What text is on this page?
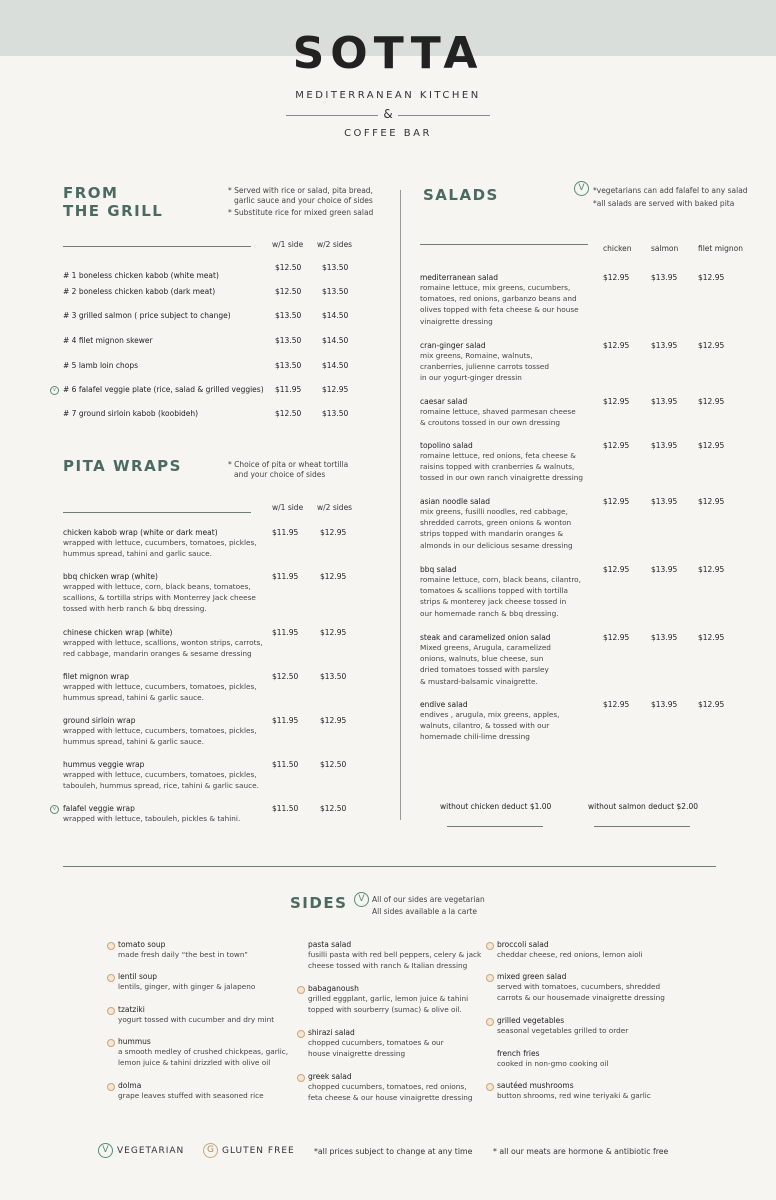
SOTTA
MEDITERRANEAN KITCHEN
&
COFFEE BAR
FROM
THE GRILL
* Served with rice or salad, pita bread,
garlic sauce and your choice of sides
* Substitute rice for mixed green salad
w/1 side w/2 sides
# 1 boneless chicken kabob (white meat)
$12.50	$13.50
# 2 boneless chicken kabob (dark meat)	$12.50	$13.50
# 3 grilled salmon ( price subject to change)	$13.50	$14.50
# 4 filet mignon skewer	$13.50	$14.50
# 5 lamb loin chops	$13.50	$14.50
v # 6 falafel veggie plate (rice, salad & grilled veggies) $11.95	$12.95
# 7 ground sirloin kabob (koobideh)	$12.50	$13.50
PITA WRAPS	* Choice of pita or wheat tortilla
and your choice of sides
w/1 side w/2 sides
chicken kabob wrap (white or dark meat)
wrapped with lettuce, cucumbers, tomatoes, pickles,
hummus spread, tahini and garlic sauce.
$11.95	$12.95
bbq chicken wrap (white)
wrapped with lettuce, corn, black beans, tomatoes,
scallions, & tortilla strips with Monterrey Jack cheese
tossed with herb ranch & bbq dressing.
$11.95	$12.95
chinese chicken wrap (white)
wrapped with lettuce, scallions, wonton strips, carrots,
red cabbage, mandarin oranges & sesame dressing
$11.95	$12.95
filet mignon wrap
wrapped with lettuce, cucumbers, tomatoes, pickles,
hummus spread, tahini & garlic sauce.
$12.50	$13.50
ground sirloin wrap
wrapped with lettuce, cucumbers, tomatoes, pickles,
hummus spread, tahini & garlic sauce.
$11.95	$12.95
hummus veggie wrap
wrapped with lettuce, cucumbers, tomatoes, pickles,
tabouleh, hummus spread, rice, tahini & garlic sauce.
$11.50	$12.50
v falafel veggie wrap
wrapped with lettuce, tabouleh, pickles & tahini.
$11.50	$12.50
SALADS	V	*vegetarians can add falafel to any salad
*all salads are served with baked pita
chicken	salmon	filet mignon
mediterranean salad
romaine lettuce, mix greens, cucumbers,
tomatoes, red onions, garbanzo beans and
olives topped with feta cheese & our house
vinaigrette dressing
$12.95	$13.95	$12.95
cran-ginger salad
mix greens, Romaine, walnuts,
cranberries, julienne carrots tossed
in our yogurt-ginger dressin
$12.95	$13.95	$12.95
caesar salad
romaine lettuce, shaved parmesan cheese
& croutons tossed in our own dressing
$12.95	$13.95	$12.95
topolino salad
romaine lettuce, red onions, feta cheese &
raisins topped with cranberries & walnuts,
tossed in our own ranch vinaigrette dressing
$12.95	$13.95	$12.95
asian noodle salad
mix greens, fusilli noodles, red cabbage,
shredded carrots, green onions & wonton
strips topped with mandarin oranges &
almonds in our delicious sesame dressing
$12.95	$13.95	$12.95
bbq salad
romaine lettuce, corn, black beans, cilantro,
tomatoes & scallions topped with tortilla
strips & monterey jack cheese tossed in
our homemade ranch & bbq dressing.
$12.95	$13.95	$12.95
steak and caramelized onion salad
Mixed greens, Arugula, caramelized
onions, walnuts, blue cheese, sun
dried tomatoes tossed with parsley
& mustard-balsamic vinaigrette.
$12.95	$13.95	$12.95
endive salad
endives , arugula, mix greens, apples,
walnuts, cilantro, & tossed with our
homemade chili-lime dressing
$12.95	$13.95	$12.95
without chicken deduct $1.00	without salmon deduct $2.00
SIDES	V All of our sides are vegetarian
All sides available a la carte
tomato soup
made fresh daily “the best in town”
lentil soup
lentils, ginger, with ginger & jalapeno
tzatziki
yogurt tossed with cucumber and dry mint
hummus
a smooth medley of crushed chickpeas, garlic,
lemon juice & tahini drizzled with olive oil
dolma
grape leaves stuffed with seasoned rice
pasta salad
fusilli pasta with red bell peppers, celery & jack
cheese tossed with ranch & Italian dressing
babaganoush
grilled eggplant, garlic, lemon juice & tahini
topped with sourberry (sumac) & olive oil.
shirazi salad
chopped cucumbers, tomatoes & our
house vinaigrette dressing
greek salad
chopped cucumbers, tomatoes, red onions,
feta cheese & our house vinaigrette dressing
broccoli salad
cheddar cheese, red onions, lemon aioli
mixed green salad
served with tomatoes, cucumbers, shredded
carrots & our housemade vinaigrette dressing
grilled vegetables
seasonal vegetables grilled to order
french fries
cooked in non-gmo cooking oil
sautéed mushrooms
button shrooms, red wine teriyaki & garlic
V VEGETARIAN	G GLUTEN FREE *all prices subject to change at any time	* all our meats are hormone & antibiotic free
